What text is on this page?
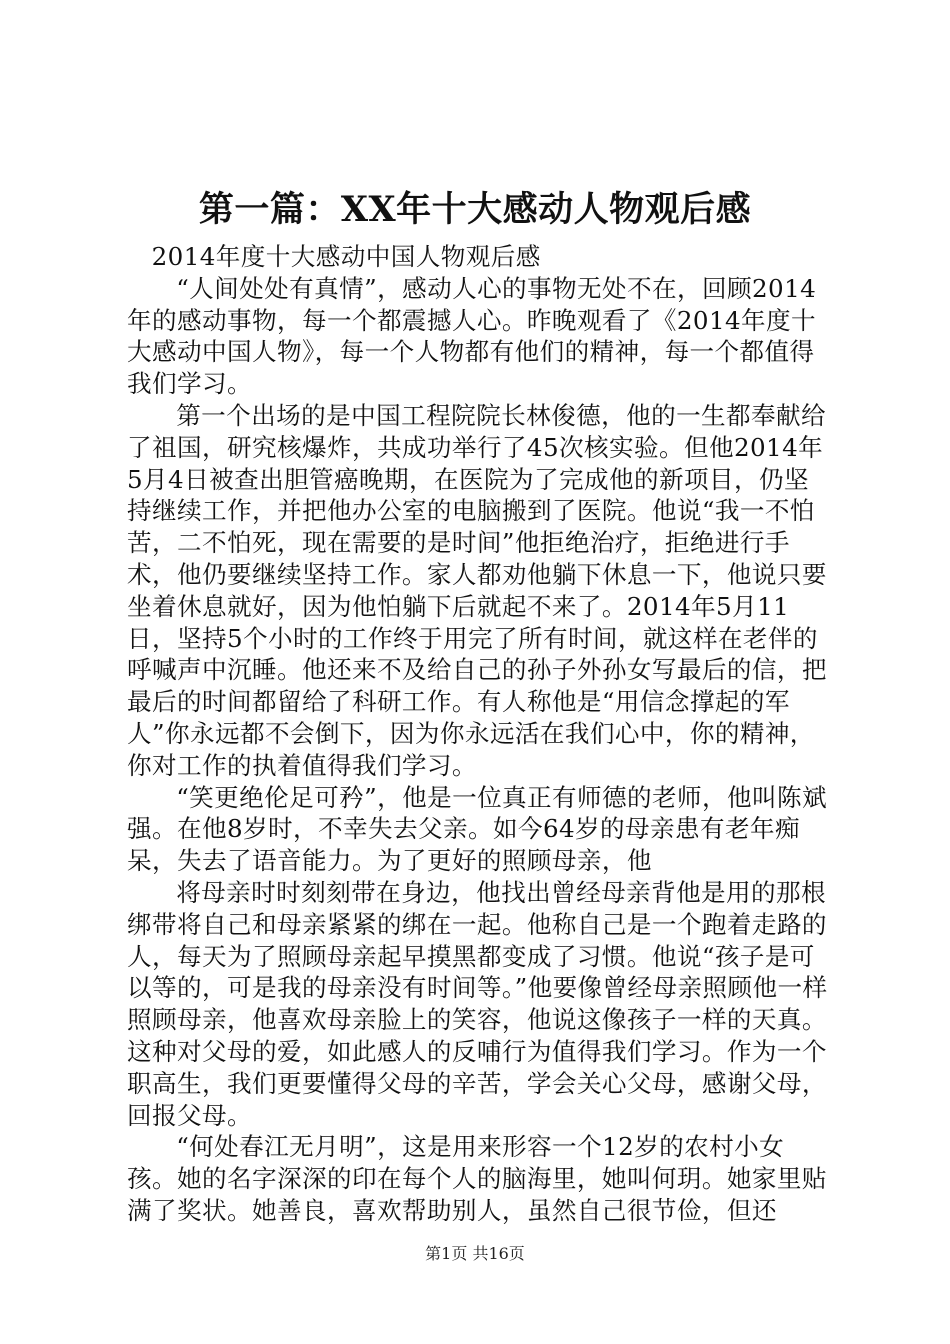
第一篇：XX年十大感动人物观后感

2014年度十大感动中国人物观后感

“人间处处有真情”，感动人心的事物无处不在，回顾2014年的感动事物，每一个都震撼人心。昨晚观看了《2014年度十大感动中国人物》，每一个人物都有他们的精神，每一个都值得我们学习。

第一个出场的是中国工程院院长林俊德，他的一生都奉献给了祖国，研究核爆炸，共成功举行了45次核实验。但他2014年5月4日被查出胆管癌晚期，在医院为了完成他的新项目，仍坚持继续工作，并把他办公室的电脑搬到了医院。他说“我一不怕苦，二不怕死，现在需要的是时间”他拒绝治疗，拒绝进行手术，他仍要继续坚持工作。家人都劝他躺下休息一下，他说只要坐着休息就好，因为他怕躺下后就起不来了。2014年5月11日，坚持5个小时的工作终于用完了所有时间，就这样在老伴的呼喊声中沉睡。他还来不及给自己的孙子外孙女写最后的信，把最后的时间都留给了科研工作。有人称他是“用信念撑起的军人”你永远都不会倒下，因为你永远活在我们心中，你的精神，你对工作的执着值得我们学习。

“笑更绝伦足可矜”，他是一位真正有师德的老师，他叫陈斌强。在他8岁时，不幸失去父亲。如今64岁的母亲患有老年痴呆，失去了语音能力。为了更好的照顾母亲，他

将母亲时时刻刻带在身边，他找出曾经母亲背他是用的那根绑带将自己和母亲紧紧的绑在一起。他称自己是一个跑着走路的人，每天为了照顾母亲起早摸黑都变成了习惯。他说“孩子是可以等的，可是我的母亲没有时间等。”他要像曾经母亲照顾他一样照顾母亲，他喜欢母亲脸上的笑容，他说这像孩子一样的天真。这种对父母的爱，如此感人的反哺行为值得我们学习。作为一个职高生，我们更要懂得父母的辛苦，学会关心父母，感谢父母，回报父母。

“何处春江无月明”，这是用来形容一个12岁的农村小女孩。她的名字深深的印在每个人的脑海里，她叫何玥。她家里贴满了奖状。她善良，喜欢帮助别人，虽然自己很节俭，但还

第1页 共16页
